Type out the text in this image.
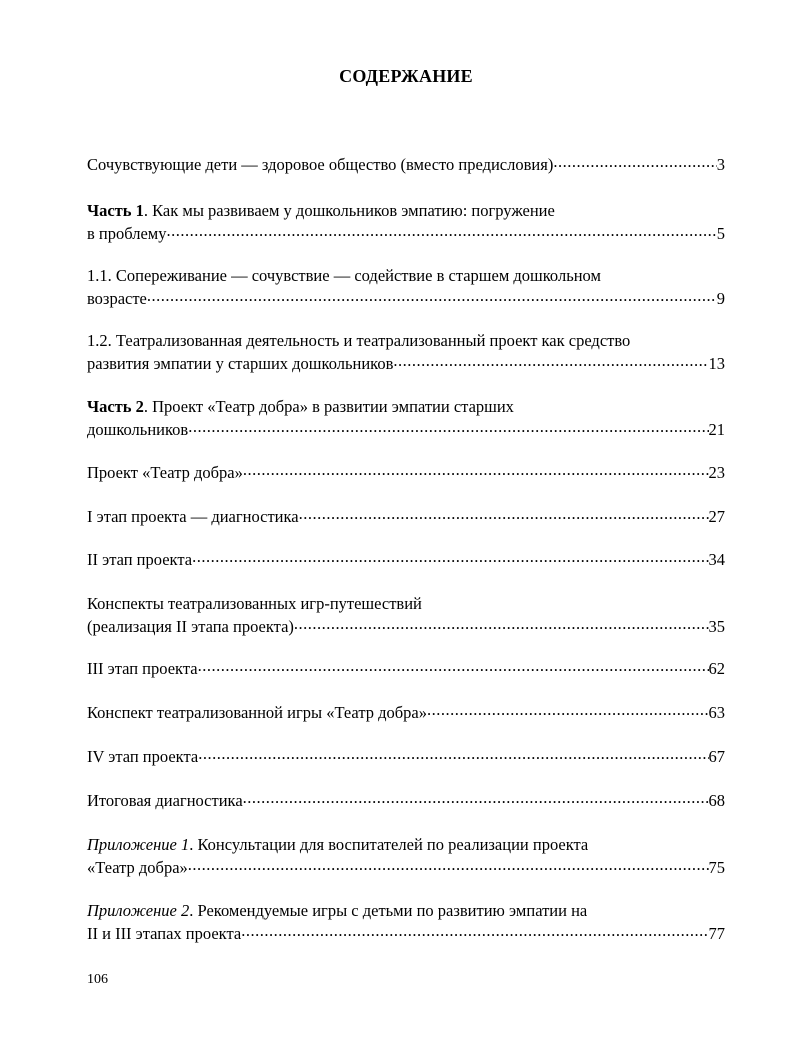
СОДЕРЖАНИЕ
Сочувствующие дети — здоровое общество (вместо предисловия) .....	3
Часть 1. Как мы развиваем у дошкольников эмпатию: погружение
в проблему .....	5
1.1. Сопереживание — сочувствие — содействие в старшем дошкольном
возрасте .....	9
1.2. Театрализованная деятельность и театрализованный проект как средство
развития эмпатии у старших дошкольников .....	13
Часть 2. Проект «Театр добра» в развитии эмпатии старших
дошкольников .....	21
Проект «Театр добра» .....	23
I этап проекта — диагностика .....	27
II этап проекта .....	34
Конспекты театрализованных игр-путешествий
(реализация II этапа проекта) .....	35
III этап проекта .....	62
Конспект театрализованной игры «Театр добра» .....	63
IV этап проекта .....	67
Итоговая диагностика .....	68
Приложение 1. Консультации для воспитателей по реализации проекта
«Театр добра» .....	75
Приложение 2. Рекомендуемые игры с детьми по развитию эмпатии на
II и III этапах проекта .....	77
106
